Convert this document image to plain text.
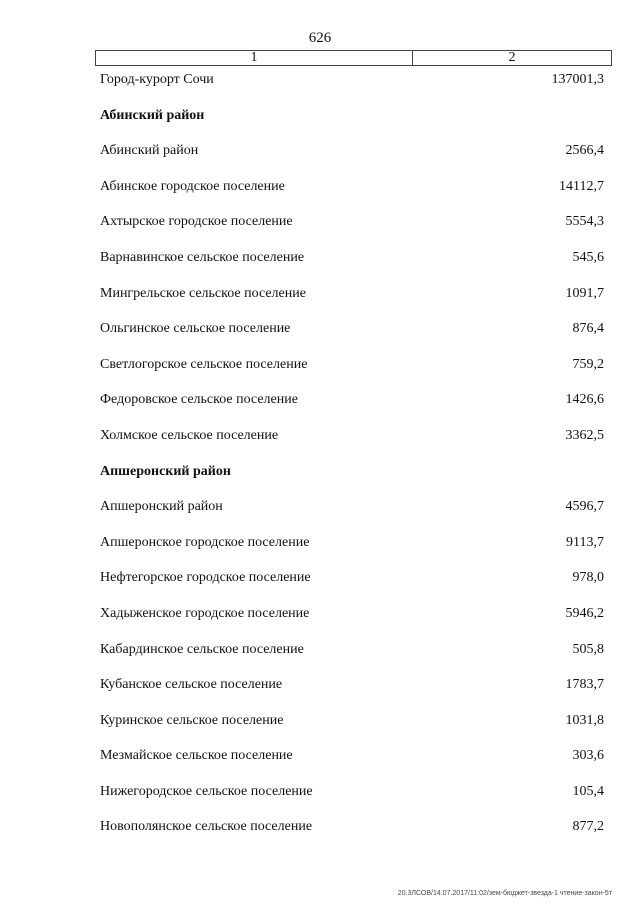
626
1	2
Город-курорт Сочи	137001,3
Абинский район
Абинский район	2566,4
Абинское городское поселение	14112,7
Ахтырское городское поселение	5554,3
Варнавинское сельское поселение	545,6
Мингрельское сельское поселение	1091,7
Ольгинское сельское поселение	876,4
Светлогорское сельское поселение	759,2
Федоровское сельское поселение	1426,6
Холмское сельское поселение	3362,5
Апшеронский район
Апшеронский район	4596,7
Апшеронское городское поселение	9113,7
Нефтегорское городское поселение	978,0
Хадыженское городское поселение	5946,2
Кабардинское сельское поселение	505,8
Кубанское сельское поселение	1783,7
Куринское сельское поселение	1031,8
Мезмайское сельское поселение	303,6
Нижегородское сельское поселение	105,4
Новополянское сельское поселение	877,2
20.3ЛСОВ/14.07.2017/11:02/зем-бюджет-звезда-1 чтение-закон-5т
